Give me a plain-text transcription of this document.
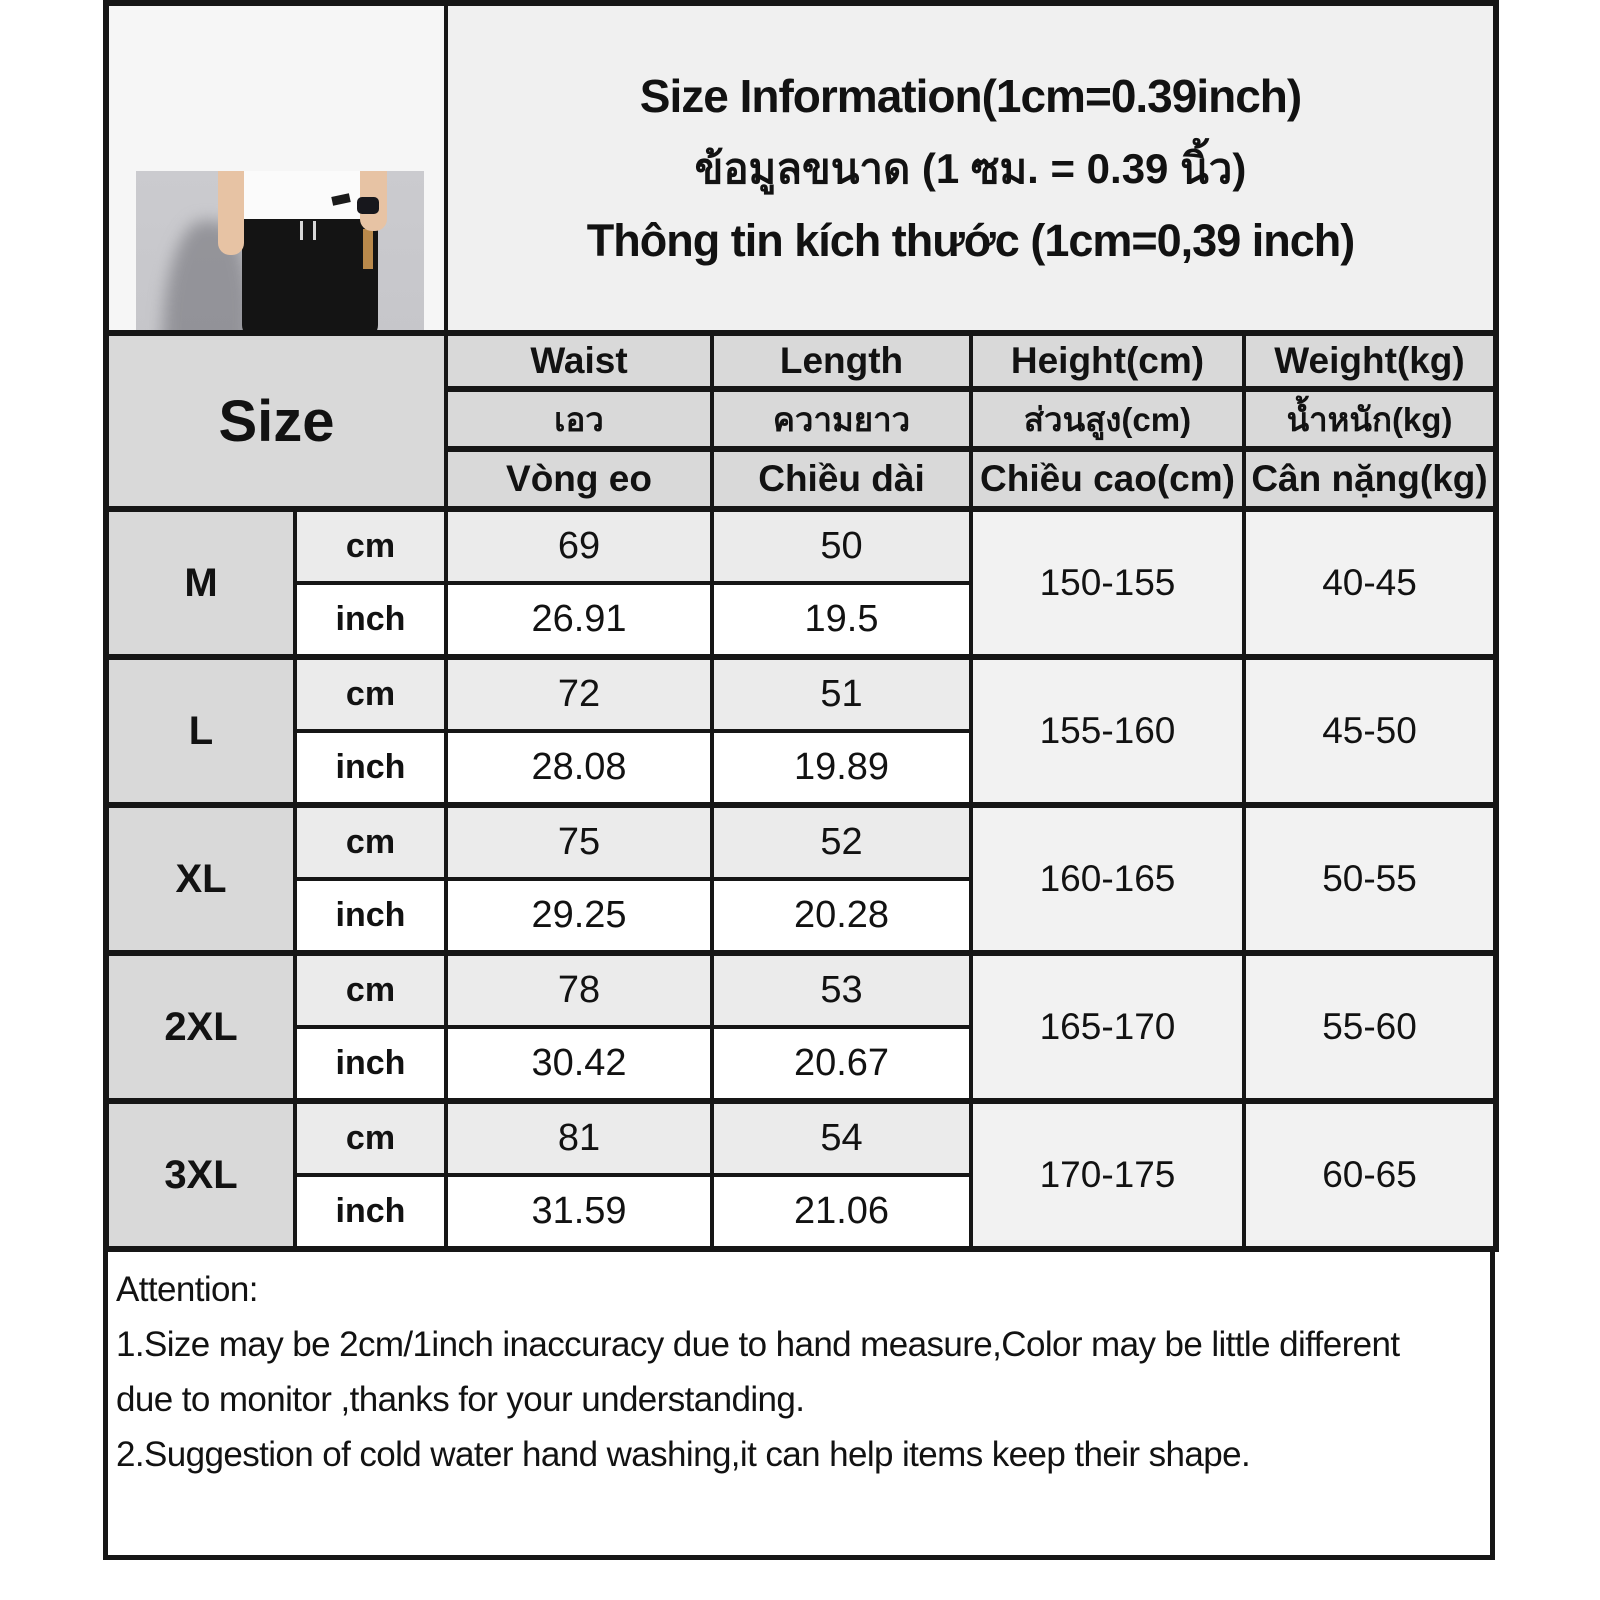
		Size Information(1cm=0.39inch)
ข้อมูลขนาด (1 ซม. = 0.39 นิ้ว)
Thông tin kích thước (1cm=0,39 inch)			

Size		Waist	Length	Height(cm)	Weight(kg)
		เอว	ความยาว	ส่วนสูง(cm)	น้ำหนัก(kg)
		Vòng eo	Chiều dài	Chiều cao(cm)	Cân nặng(kg)
M	cm	69	50	150-155	40-45
	inch	26.91	19.5		
L	cm	72	51	155-160	45-50
	inch	28.08	19.89		
XL	cm	75	52	160-165	50-55
	inch	29.25	20.28		
2XL	cm	78	53	165-170	55-60
	inch	30.42	20.67		
3XL	cm	81	54	170-175	60-65
	inch	31.59	21.06		
Attention:
1.Size may be 2cm/1inch inaccuracy due to hand measure,Color may be little different
due to monitor ,thanks for your understanding.
2.Suggestion of cold water hand washing,it can help items keep their shape.
